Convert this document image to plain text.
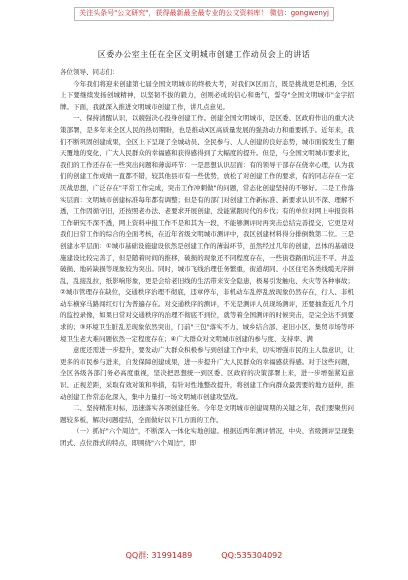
关注头条号"公文研究"，获得最新最全最专业的公文资料库！ 微信：gongwenyj
区委办公室主任在全区文明城市创建工作动员会上的讲话

各位领导、同志们：

今年我们将迎来创建第七届全国文明城市的终极大考，对我们X区而言，既是挑战更是机遇，全区上下要继续发扬创城精神，以坚韧不拔的毅力，创则必成的信心和勇气，誓夺"全国文明城市"金字招牌。下面，我就深入推进文明城市创建工作，讲几点意见。

一、保持清醒认识，以競强决心投身创建工作。创建全国文明城市，是区委、区政府作出的重大决策部署，是多年来全区人民的热切期盼，也是推动X区高质量发展的强劲动力和重要抓手。近年来，我们不断巩固创建成果，全区上下呈现了全城动员、全民参与、人人创建的良好态势，城市面貌发生了翻天覆地的变化，广大人民群众的幸福感和获得感得到了大幅度的提升。但是，与全国文明城市要求比，我们的工作还存在一些突出问题和薄弱环节：一是思想认识层面：有的领导干部存在侥幸心理，认为我们的创建工作成绩一直都不错，较其他县市有一些优势，放松了对创建工作的要求，有的同志存在一定厌战思想，广泛存在"平常工作完成，突击工作冲刺做"的问题，常态化创建坚持的不够好。二是工作落实层面：文明城市创建标准每年都有调整；但是有的部门对创建工作新标准、新要求认识不深、理解不透，工作因循守旧，还按照老办法、老要求开展创建，没能紧跟时代的步伐；有的单位对网上申报资料工作研究不深不透，网上资料申报工作不是和其为一段，不能够测评时再突击总结完善提交，它更是对我们日常工作的综合的全面考核，在近年省级文明城市测评中，我区创建材料得分排倒数第二位。三是创建水平层面：①城市基础设施建设依然是创建工作的薄弱环节，虽然经过几年的创建，总体的基础设施建设比较完善了，但是随着时间的推移，破损的现象还不同程度存在，一些街巷路面坑洼不平、井盖破损、地砖缺损等现象较为突出。同时，城市飞线治理任务繁重，街道胡同、小区住宅各类线缆无序拼乱，乱接乱拉，纸影响形象，更是会给老旧线的生活带来安全隐患，极易引发触电、火灾等各种事故；②城市管理存在缺位，交通秩序治理不彻底，违章停车，非机动车乱停乱放现象仍然存在，行人、非机动车横穿马路闯红灯行为普遍存在。对交通秩序的测评，不光是测评人员现场测评，还要抽查近几个月的监控录像，如果日常对交通秩序的治理不彻底不到位，就等着全国测评的时候突击，是完全达不到要求的；③环境卫生脏乱差现象依然突出，门前"三包"落实不力，城乡结合部、老旧小区、集贸市场等环境卫生老大难问题依然一定程度存在；④广大群众对文明城市创建的参与度、支持率、满

意度还需进一步提升，要发动广大群众积极参与到创建工作中来，切实增强市民的主人翁意识，让更多的市民参与进来，自发保障创建成果，进一步提升广大人民群众的幸福感获得感。对于这些问题，全区各级各部门务必高度重视，坚决把思想统一到区委、区政府的决策部署上来，进一步增强紧迫意识、正视差距，采取有效对策和举措，有针对性地整改提升，将创建工作向群众最需要的地方延伸，推动创建工作常态化深入，集中力量打一场文明城市创建攻坚战。

二、坚持精准对标，迅速落实各项创建任务。今年是文明城市创建周期的关键之年，我们要聚焦问题较多板，解决问题症结，全面做好以下几方面的工作。

（一）抓好"六个周边"，不断深入一体化实地创建。根据近两年测评情况，中央、省级测评呈现集团式、点位群式的特点，即围绕"六个周边"，即

QQ群: 31991489	QQ:535304092
